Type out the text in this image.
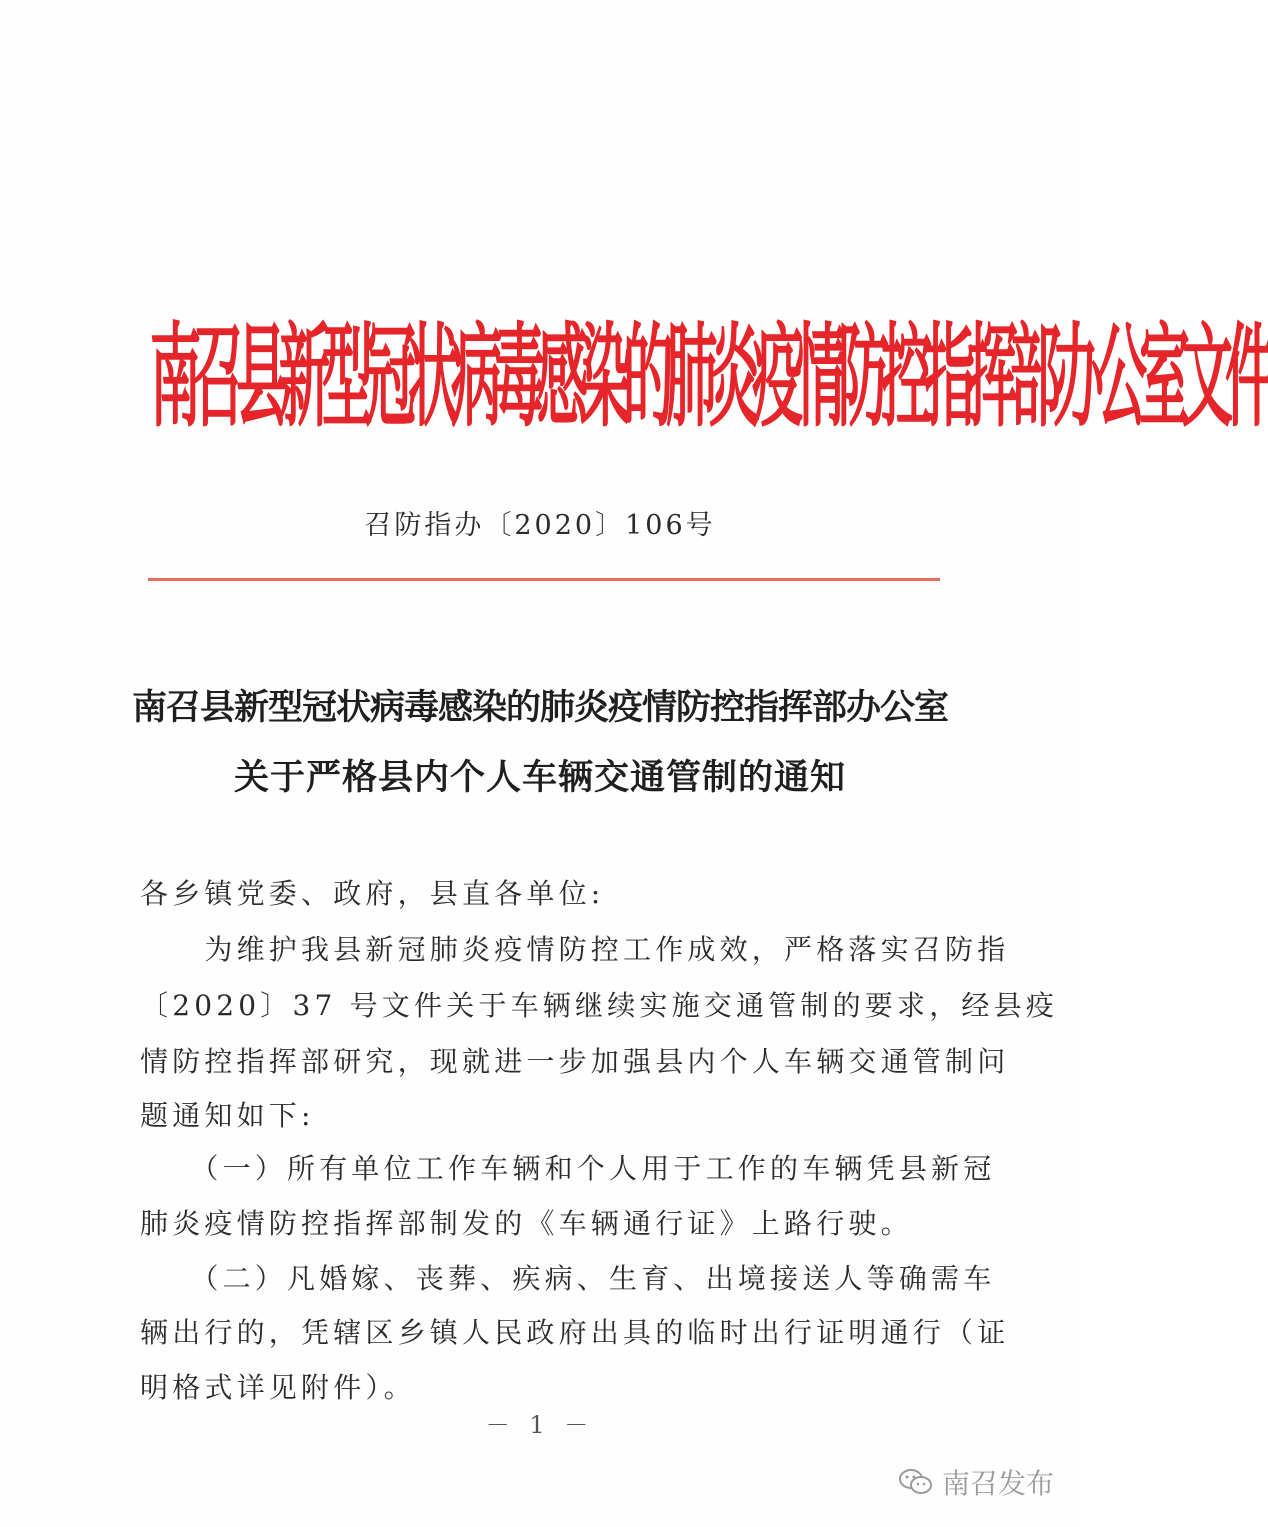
南召县新型冠状病毒感染的肺炎疫情防控指挥部办公室文件
召防指办〔2020〕106号
南召县新型冠状病毒感染的肺炎疫情防控指挥部办公室
关于严格县内个人车辆交通管制的通知
各乡镇党委、政府，县直各单位:
　　为维护我县新冠肺炎疫情防控工作成效，严格落实召防指
〔2020〕37 号文件关于车辆继续实施交通管制的要求，经县疫
情防控指挥部研究，现就进一步加强县内个人车辆交通管制问
题通知如下:
　　（一）所有单位工作车辆和个人用于工作的车辆凭县新冠
肺炎疫情防控指挥部制发的《车辆通行证》上路行驶。
　　（二）凡婚嫁、丧葬、疾病、生育、出境接送人等确需车
辆出行的，凭辖区乡镇人民政府出具的临时出行证明通行（证
明格式详见附件）。
－ 1 －
南召发布
